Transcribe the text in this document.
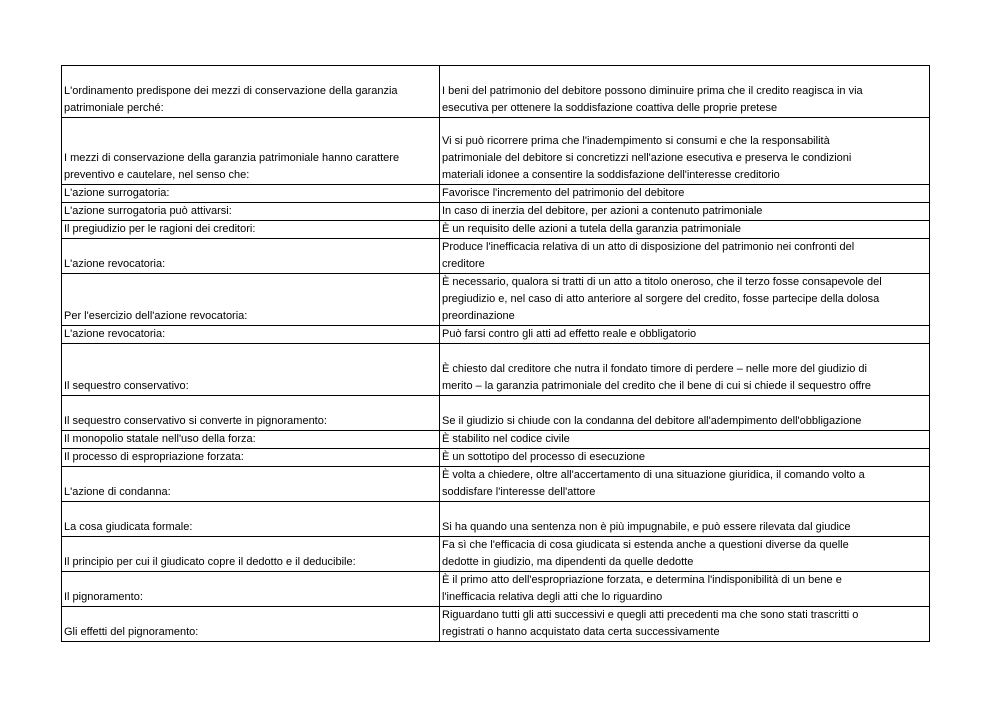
L'ordinamento predispone dei mezzi di conservazione della garanzia
patrimoniale perché:	I beni del patrimonio del debitore possono diminuire prima che il credito reagisca in via
esecutiva per ottenere la soddisfazione coattiva delle proprie pretese
I mezzi di conservazione della garanzia patrimoniale hanno carattere
preventivo e cautelare, nel senso che:	Vi si può ricorrere prima che l'inadempimento si consumi e che la responsabilità
patrimoniale del debitore si concretizzi nell'azione esecutiva e preserva le condizioni
materiali idonee a consentire la soddisfazione dell'interesse creditorio
L'azione surrogatoria:	Favorisce l'incremento del patrimonio del debitore
L'azione surrogatoria può attivarsi:	In caso di inerzia del debitore, per azioni a contenuto patrimoniale
Il pregiudizio per le ragioni dei creditori:	È un requisito delle azioni a tutela della garanzia patrimoniale
L'azione revocatoria:	Produce l'inefficacia relativa di un atto di disposizione del patrimonio nei confronti del
creditore
Per l'esercizio dell'azione revocatoria:	È necessario, qualora si tratti di un atto a titolo oneroso, che il terzo fosse consapevole del
pregiudizio e, nel caso di atto anteriore al sorgere del credito, fosse partecipe della dolosa
preordinazione
L'azione revocatoria:	Può farsi contro gli atti ad effetto reale e obbligatorio
Il sequestro conservativo:	È chiesto dal creditore che nutra il fondato timore di perdere – nelle more del giudizio di
merito – la garanzia patrimoniale del credito che il bene di cui si chiede il sequestro offre
Il sequestro conservativo si converte in pignoramento:	Se il giudizio si chiude con la condanna del debitore all'adempimento dell'obbligazione
Il monopolio statale nell'uso della forza:	È stabilito nel codice civile
Il processo di espropriazione forzata:	È un sottotipo del processo di esecuzione
L'azione di condanna:	È volta a chiedere, oltre all'accertamento di una situazione giuridica, il comando volto a
soddisfare l'interesse dell'attore
La cosa giudicata formale:	Si ha quando una sentenza non è più impugnabile, e può essere rilevata dal giudice
Il principio per cui il giudicato copre il dedotto e il deducibile:	Fa sì che l'efficacia di cosa giudicata si estenda anche a questioni diverse da quelle
dedotte in giudizio, ma dipendenti da quelle dedotte
Il pignoramento:	È il primo atto dell'espropriazione forzata, e determina l'indisponibilità di un bene e
l'inefficacia relativa degli atti che lo riguardino
Gli effetti del pignoramento:	Riguardano tutti gli atti successivi e quegli atti precedenti ma che sono stati trascritti o
registrati o hanno acquistato data certa successivamente
